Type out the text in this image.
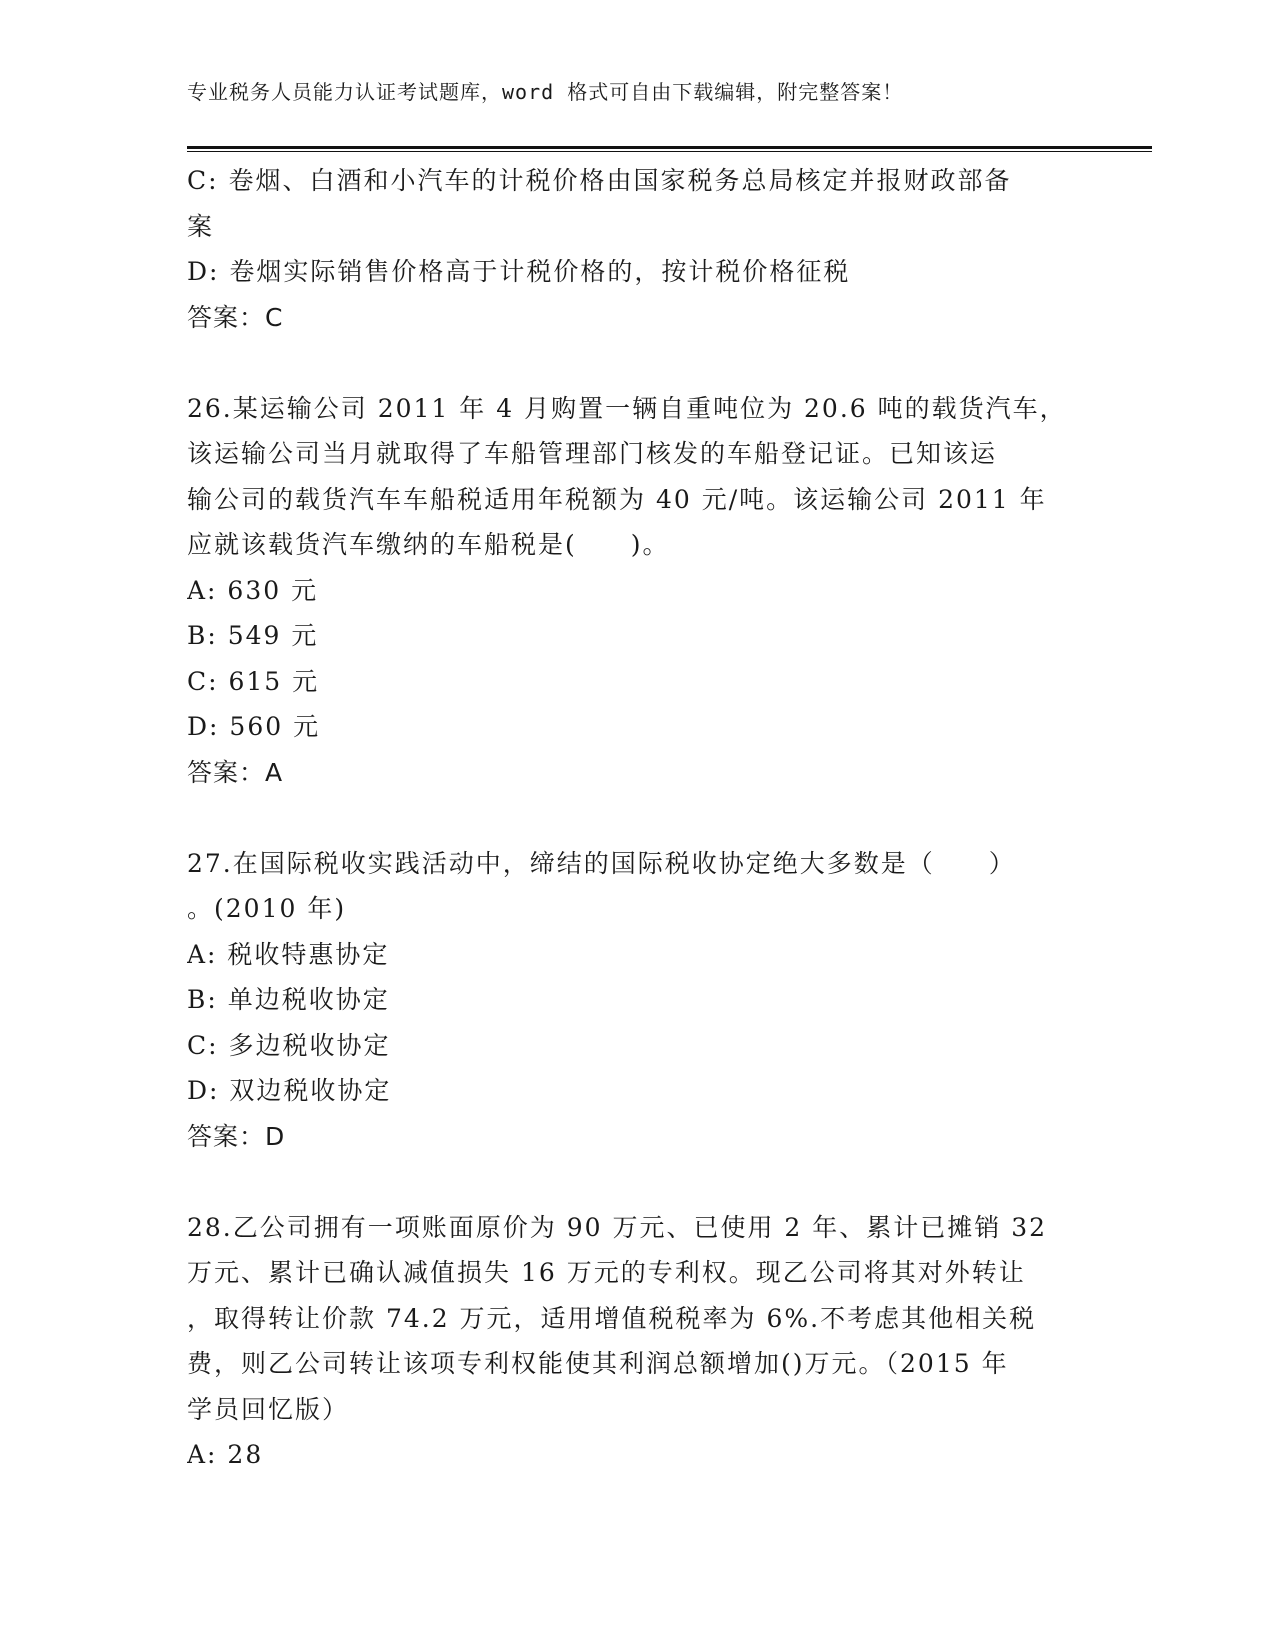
专业税务人员能力认证考试题库，word 格式可自由下载编辑，附完整答案！
C: 卷烟、白酒和小汽车的计税价格由国家税务总局核定并报财政部备
案
D: 卷烟实际销售价格高于计税价格的，按计税价格征税
答案：C
26.某运输公司 2011 年 4 月购置一辆自重吨位为 20.6 吨的载货汽车，
该运输公司当月就取得了车船管理部门核发的车船登记证。已知该运
输公司的载货汽车车船税适用年税额为 40 元/吨。该运输公司 2011 年
应就该载货汽车缴纳的车船税是(　　)。
A: 630 元
B: 549 元
C: 615 元
D: 560 元
答案：A
27.在国际税收实践活动中，缔结的国际税收协定绝大多数是（　　）
。(2010 年)
A: 税收特惠协定
B: 单边税收协定
C: 多边税收协定
D: 双边税收协定
答案：D
28.乙公司拥有一项账面原价为 90 万元、已使用 2 年、累计已摊销 32
万元、累计已确认减值损失 16 万元的专利权。现乙公司将其对外转让
，取得转让价款 74.2 万元，适用增值税税率为 6%.不考虑其他相关税
费，则乙公司转让该项专利权能使其利润总额增加()万元。（2015 年
学员回忆版）
A: 28
